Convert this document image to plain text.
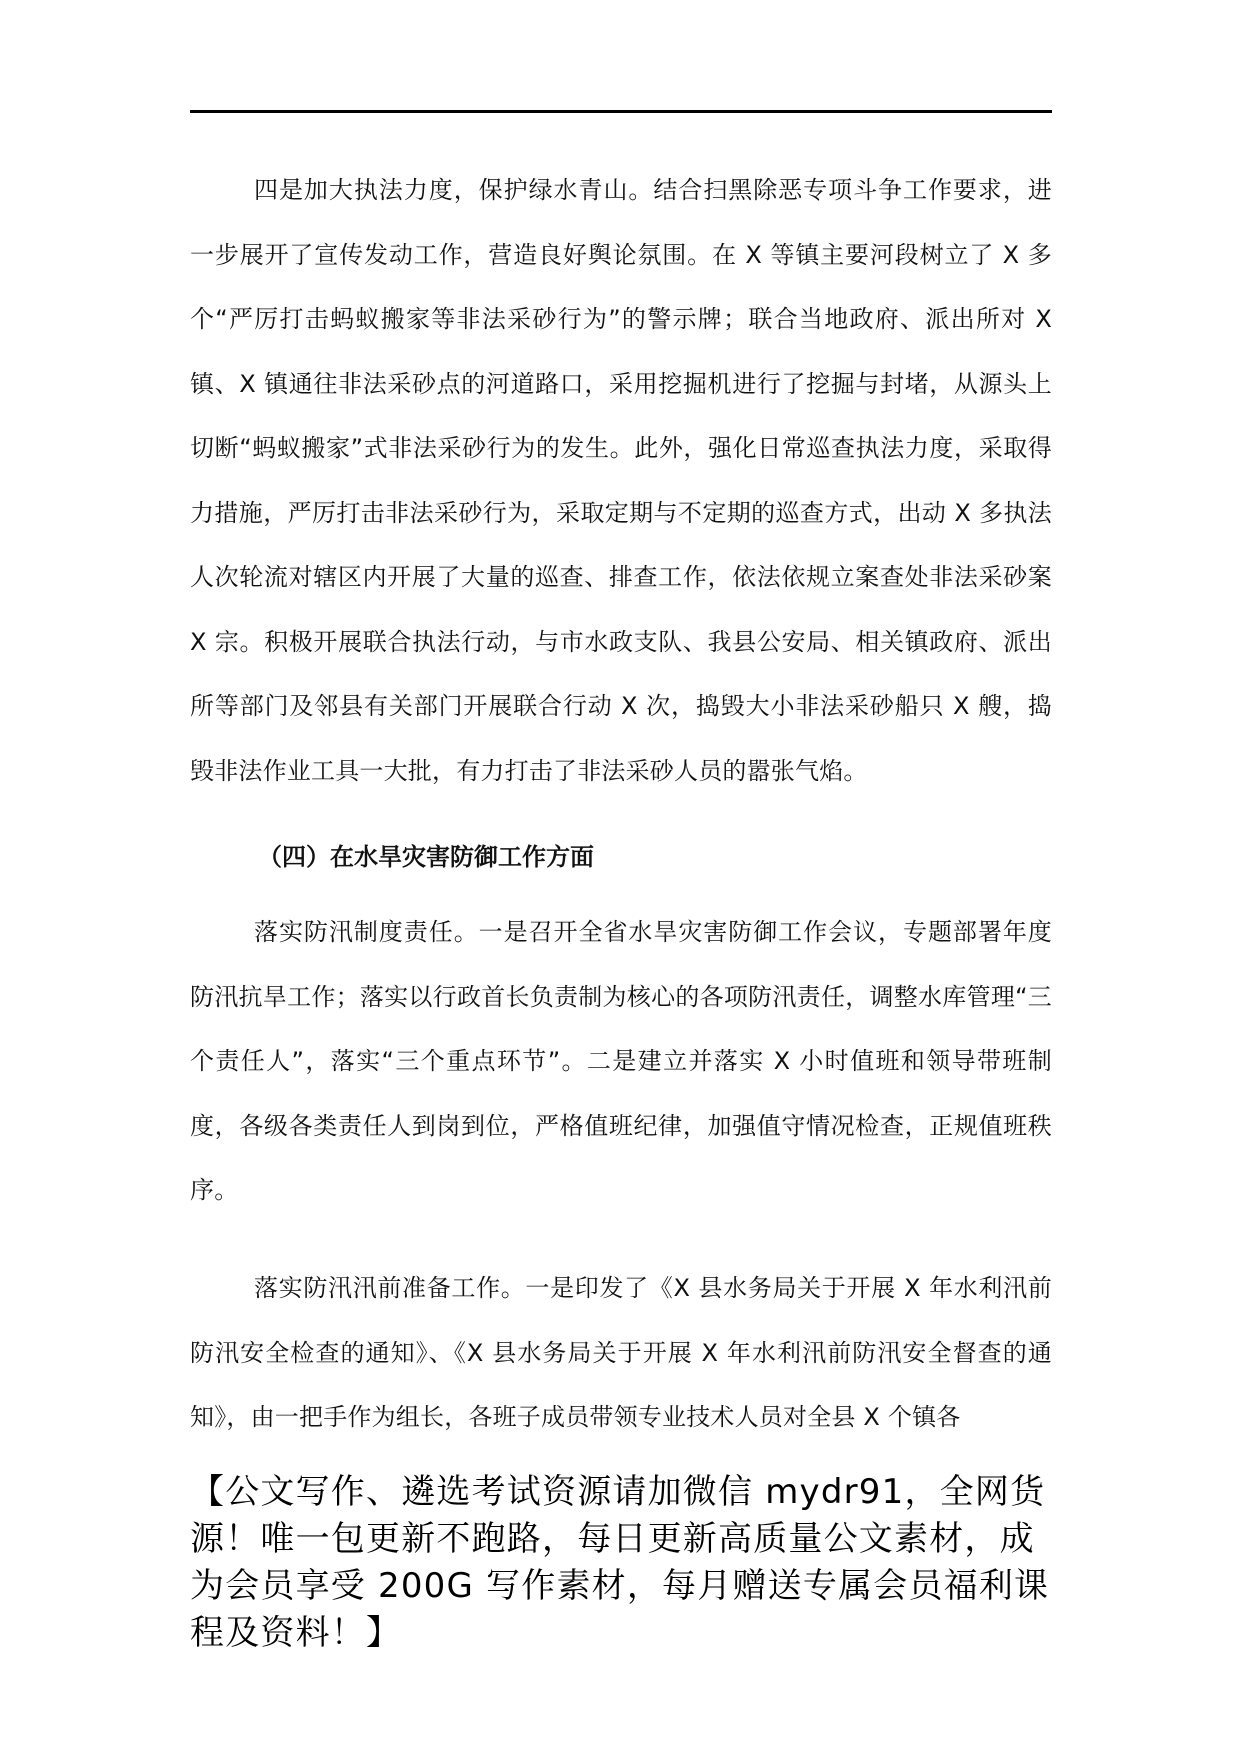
四是加大执法力度，保护绿水青山。结合扫黑除恶专项斗争工作要求，进一步展开了宣传发动工作，营造良好舆论氛围。在 X 等镇主要河段树立了 X 多个“严厉打击蚂蚁搬家等非法采砂行为”的警示牌；联合当地政府、派出所对 X 镇、X 镇通往非法采砂点的河道路口，采用挖掘机进行了挖掘与封堵，从源头上切断“蚂蚁搬家”式非法采砂行为的发生。此外，强化日常巡查执法力度，采取得力措施，严厉打击非法采砂行为，采取定期与不定期的巡查方式，出动 X 多执法人次轮流对辖区内开展了大量的巡查、排查工作，依法依规立案查处非法采砂案 X 宗。积极开展联合执法行动，与市水政支队、我县公安局、相关镇政府、派出所等部门及邻县有关部门开展联合行动 X 次，捣毁大小非法采砂船只 X 艘，捣毁非法作业工具一大批，有力打击了非法采砂人员的嚣张气焰。

（四）在水旱灾害防御工作方面

落实防汛制度责任。一是召开全省水旱灾害防御工作会议，专题部署年度防汛抗旱工作；落实以行政首长负责制为核心的各项防汛责任，调整水库管理“三个责任人”，落实“三个重点环节”。二是建立并落实 X 小时值班和领导带班制度，各级各类责任人到岗到位，严格值班纪律，加强值守情况检查，正规值班秩序。

落实防汛汛前准备工作。一是印发了《X 县水务局关于开展 X 年水利汛前防汛安全检查的通知》、《X 县水务局关于开展 X 年水利汛前防汛安全督查的通知》，由一把手作为组长，各班子成员带领专业技术人员对全县 X 个镇各

【公文写作、遴选考试资源请加微信 mydr91，全网货源！唯一包更新不跑路，每日更新高质量公文素材，成为会员享受 200G 写作素材，每月赠送专属会员福利课程及资料！】
